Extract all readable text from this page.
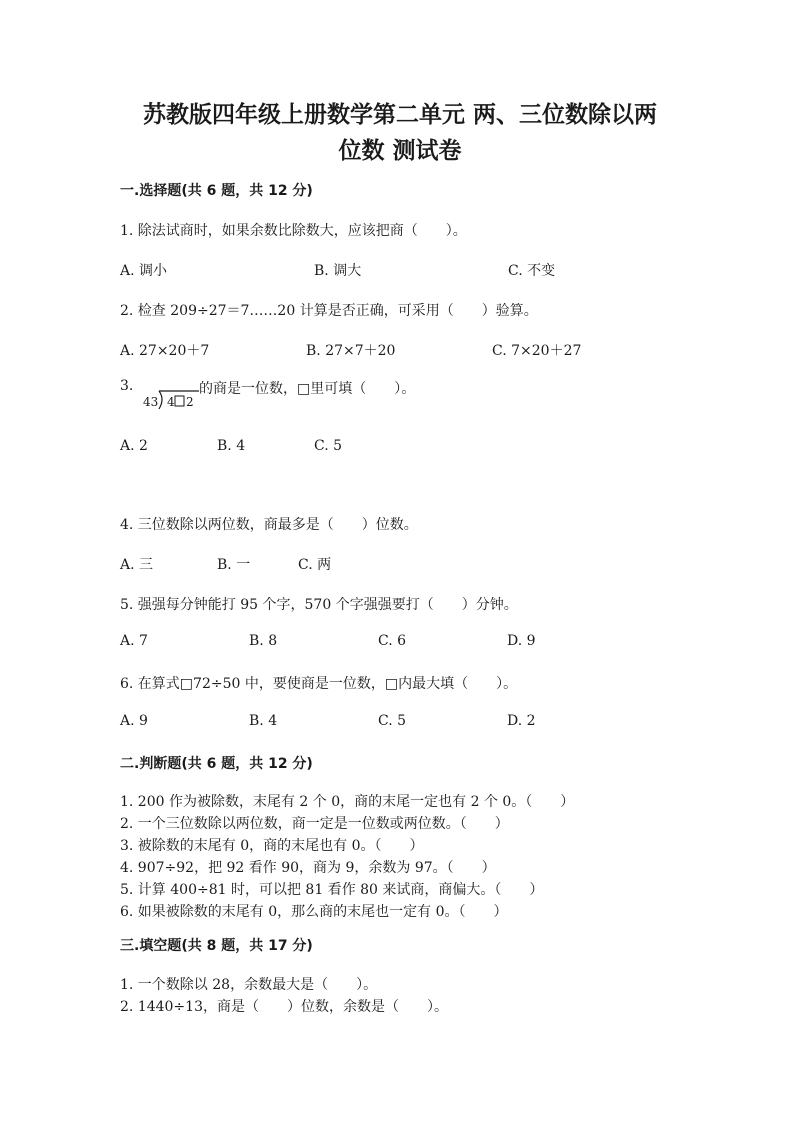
苏教版四年级上册数学第二单元 两、三位数除以两
位数 测试卷
一.选择题(共 6 题，共 12 分)
1. 除法试商时，如果余数比除数大，应该把商（　　）。
A. 调小	B. 调大	C. 不变
2. 检查 209÷27＝7……20 计算是否正确，可采用（　　）验算。
A. 27×20＋7	B. 27×7＋20	C. 7×20＋27
3.
43 4 2
的商是一位数，□里可填（　　）。
A. 2	B. 4	C. 5
4. 三位数除以两位数，商最多是（　　）位数。
A. 三	B. 一	C. 两
5. 强强每分钟能打 95 个字，570 个字强强要打（　　）分钟。
A. 7	B. 8	C. 6	D. 9
6. 在算式□72÷50 中，要使商是一位数，□内最大填（　　）。
A. 9	B. 4	C. 5	D. 2
二.判断题(共 6 题，共 12 分)
1. 200 作为被除数，末尾有 2 个 0，商的末尾一定也有 2 个 0。（　　）
2. 一个三位数除以两位数，商一定是一位数或两位数。（　　）
3. 被除数的末尾有 0，商的末尾也有 0。（　　）
4. 907÷92，把 92 看作 90，商为 9，余数为 97。（　　）
5. 计算 400÷81 时，可以把 81 看作 80 来试商，商偏大。（　　）
6. 如果被除数的末尾有 0，那么商的末尾也一定有 0。（　　）
三.填空题(共 8 题，共 17 分)
1. 一个数除以 28，余数最大是（　　）。
2. 1440÷13，商是（　　）位数，余数是（　　）。
